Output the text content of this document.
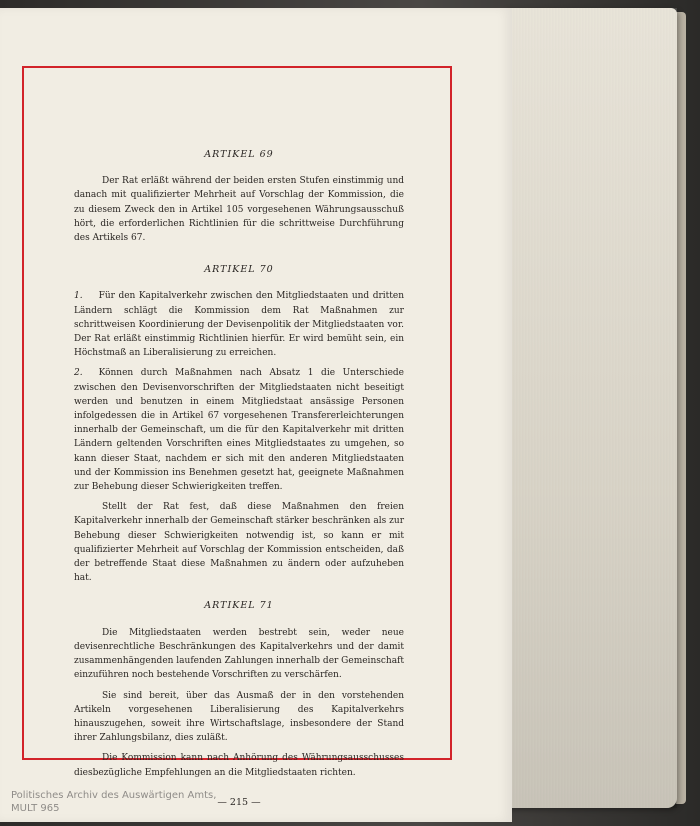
ARTIKEL 69

Der Rat erläßt während der beiden ersten Stufen einstimmig und danach mit qualifizierter Mehrheit auf Vorschlag der Kommission, die zu diesem Zweck den in Artikel 105 vorgesehenen Währungsausschuß hört, die erforderlichen Richtlinien für die schrittweise Durchführung des Artikels 67.

ARTIKEL 70

1. Für den Kapitalverkehr zwischen den Mitgliedstaaten und dritten Ländern schlägt die Kommission dem Rat Maßnahmen zur schrittweisen Koordinierung der Devisenpolitik der Mitgliedstaaten vor. Der Rat erläßt einstimmig Richtlinien hierfür. Er wird bemüht sein, ein Höchstmaß an Liberalisierung zu erreichen.

2. Können durch Maßnahmen nach Absatz 1 die Unterschiede zwischen den Devisenvorschriften der Mitgliedstaaten nicht beseitigt werden und benutzen in einem Mitgliedstaat ansässige Personen infolgedessen die in Artikel 67 vorgesehenen Transfererleichterungen innerhalb der Gemeinschaft, um die für den Kapitalverkehr mit dritten Ländern geltenden Vorschriften eines Mitgliedstaates zu umgehen, so kann dieser Staat, nachdem er sich mit den anderen Mitgliedstaaten und der Kommission ins Benehmen gesetzt hat, geeignete Maßnahmen zur Behebung dieser Schwierigkeiten treffen.

Stellt der Rat fest, daß diese Maßnahmen den freien Kapitalverkehr innerhalb der Gemeinschaft stärker beschränken als zur Behebung dieser Schwierigkeiten notwendig ist, so kann er mit qualifizierter Mehrheit auf Vorschlag der Kommission entscheiden, daß der betreffende Staat diese Maßnahmen zu ändern oder aufzuheben hat.

ARTIKEL 71

Die Mitgliedstaaten werden bestrebt sein, weder neue devisenrechtliche Beschränkungen des Kapitalverkehrs und der damit zusammenhängenden laufenden Zahlungen innerhalb der Gemeinschaft einzuführen noch bestehende Vorschriften zu verschärfen.

Sie sind bereit, über das Ausmaß der in den vorstehenden Artikeln vorgesehenen Liberalisierung des Kapitalverkehrs hinauszugehen, soweit ihre Wirtschaftslage, insbesondere der Stand ihrer Zahlungsbilanz, dies zuläßt.

Die Kommission kann nach Anhörung des Währungsausschusses diesbezügliche Empfehlungen an die Mitgliedstaaten richten.

— 215 —
Politisches Archiv des Auswärtigen Amts,
MULT 965
